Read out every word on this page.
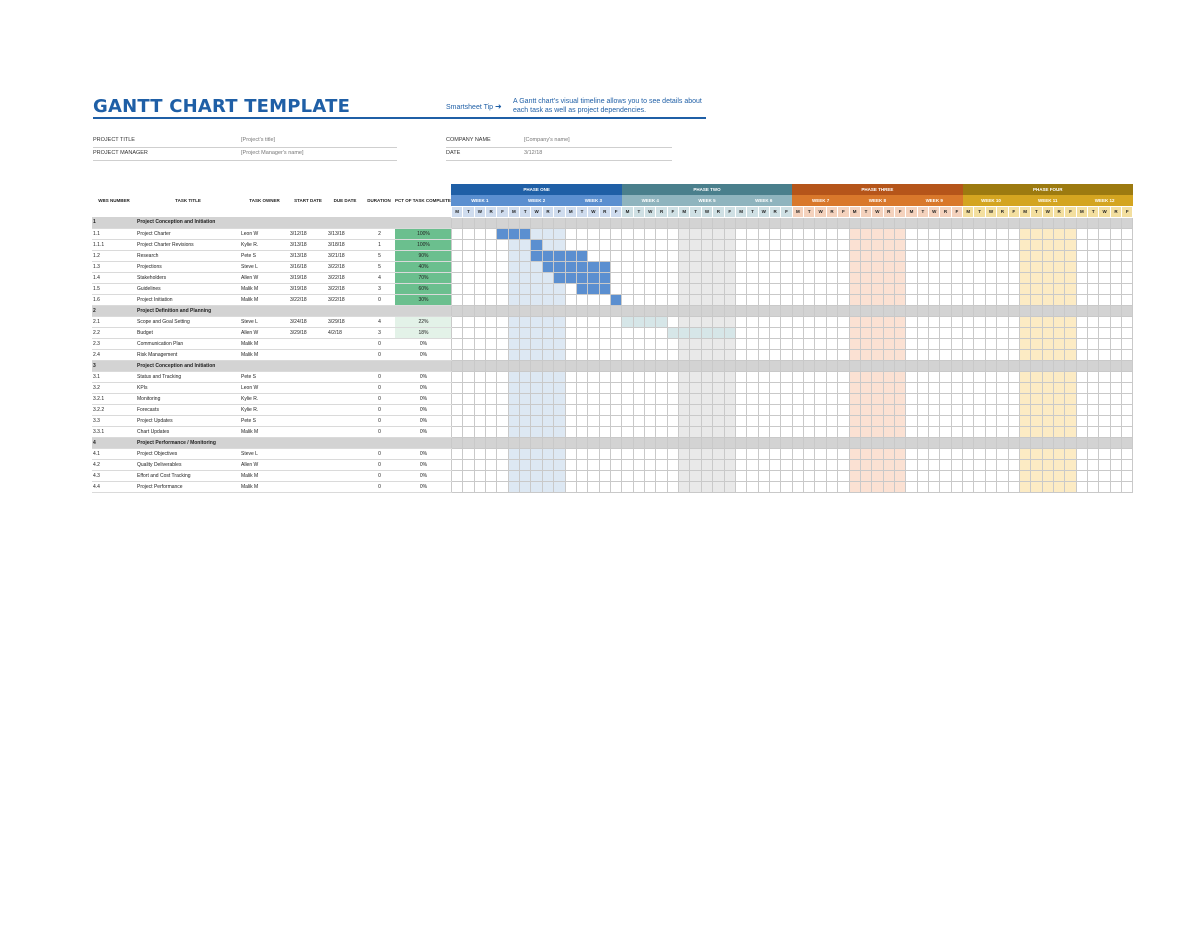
GANTT CHART TEMPLATE	Smartsheet Tip ➜
A Gantt chart's visual timeline allows you to see details about each task as well as project dependencies.
PROJECT TITLE	[Project's title]
PROJECT MANAGER	[Project Manager's name]
COMPANY NAME	[Company's name]
DATE	3/12/18
WBS NUMBER	TASK TITLE	TASK OWNER	START DATE	DUE DATE	DURATION	PCT OF TASK COMPLETE	PHASE ONE	PHASE TWO	PHASE THREE	PHASE FOUR
WEEK 1	WEEK 2	WEEK 3	WEEK 4	WEEK 5	WEEK 6	WEEK 7	WEEK 8	WEEK 9	WEEK 10	WEEK 11	WEEK 12
M	T	W	R	F	M	T	W	R	F	M	T	W	R	F	M	T	W	R	F	M	T	W	R	F	M	T	W	R	F	M	T	W	R	F	M	T	W	R	F	M	T	W	R	F	M	T	W	R	F	M	T	W	R	F	M	T	W	R	F
1	Project Conception and Initiation																																																																	
1.1	Project Charter	Leon W	3/12/18	3/13/18	2	100%																																																												
1.1.1	Project Charter Revisions	Kylie R.	3/13/18	3/18/18	1	100%																																																												
1.2	Research	Pete S	3/13/18	3/21/18	5	90%																																																												
1.3	Projections	Steve L	3/16/18	3/22/18	5	40%																																																												
1.4	Stakeholders	Allen W	3/19/18	3/22/18	4	70%																																																												
1.5	Guidelines	Malik M	3/19/18	3/22/18	3	60%																																																												
1.6	Project Initiation	Malik M	3/22/18	3/22/18	0	30%																																																												
2	Project Definition and Planning																																																																	
2.1	Scope and Goal Setting	Steve L	3/24/18	3/29/18	4	22%																																																												
2.2	Budget	Allen W	3/29/18	4/2/18	3	18%																																																												
2.3	Communication Plan	Malik M			0	0%																																																												
2.4	Risk Management	Malik M			0	0%																																																												
3	Project Conception and Initiation																																																																	
3.1	Status and Tracking	Pete S			0	0%																																																												
3.2	KPIs	Leon W			0	0%																																																												
3.2.1	Monitoring	Kylie R.			0	0%																																																												
3.2.2	Forecasts	Kylie R.			0	0%																																																												
3.3	Project Updates	Pete S			0	0%																																																												
3.3.1	Chart Updates	Malik M			0	0%																																																												
4	Project Performance / Monitoring																																																																	
4.1	Project Objectives	Steve L			0	0%																																																												
4.2	Quality Deliverables	Allen W			0	0%																																																												
4.3	Effort and Cost Tracking	Malik M			0	0%																																																												
4.4	Project Performance	Malik M			0	0%																																																												
